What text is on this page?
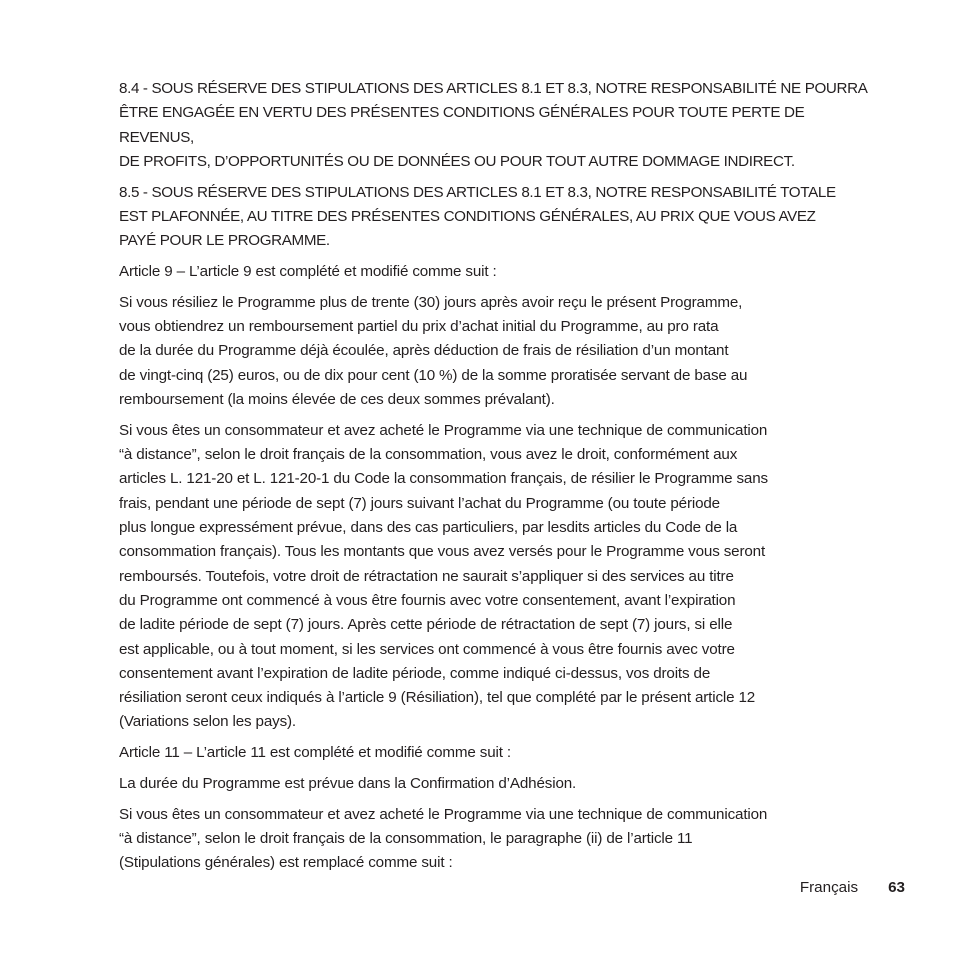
8.4 - SOUS RÉSERVE DES STIPULATIONS DES ARTICLES 8.1 ET 8.3, NOTRE RESPONSABILITÉ NE POURRA
ÊTRE ENGAGÉE EN VERTU DES PRÉSENTES CONDITIONS GÉNÉRALES POUR TOUTE PERTE DE REVENUS,
DE PROFITS, D’OPPORTUNITÉS OU DE DONNÉES OU POUR TOUT AUTRE DOMMAGE INDIRECT.

8.5 - SOUS RÉSERVE DES STIPULATIONS DES ARTICLES 8.1 ET 8.3, NOTRE RESPONSABILITÉ TOTALE
EST PLAFONNÉE, AU TITRE DES PRÉSENTES CONDITIONS GÉNÉRALES, AU PRIX QUE VOUS AVEZ
PAYÉ POUR LE PROGRAMME.

Article 9 – L’article 9 est complété et modifié comme suit :

Si vous résiliez le Programme plus de trente (30) jours après avoir reçu le présent Programme,
vous obtiendrez un remboursement partiel du prix d’achat initial du Programme, au pro rata
de la durée du Programme déjà écoulée, après déduction de frais de résiliation d’un montant
de vingt-cinq (25) euros, ou de dix pour cent (10 %) de la somme proratisée servant de base au
remboursement (la moins élevée de ces deux sommes prévalant).

Si vous êtes un consommateur et avez acheté le Programme via une technique de communication
“à distance”, selon le droit français de la consommation, vous avez le droit, conformément aux
articles L. 121-20 et L. 121-20-1 du Code la consommation français, de résilier le Programme sans
frais, pendant une période de sept (7) jours suivant l’achat du Programme (ou toute période
plus longue expressément prévue, dans des cas particuliers, par lesdits articles du Code de la
consommation français). Tous les montants que vous avez versés pour le Programme vous seront
remboursés. Toutefois, votre droit de rétractation ne saurait s’appliquer si des services au titre
du Programme ont commencé à vous être fournis avec votre consentement, avant l’expiration
de ladite période de sept (7) jours. Après cette période de rétractation de sept (7) jours, si elle
est applicable, ou à tout moment, si les services ont commencé à vous être fournis avec votre
consentement avant l’expiration de ladite période, comme indiqué ci-dessus, vos droits de
résiliation seront ceux indiqués à l’article 9 (Résiliation), tel que complété par le présent article 12
(Variations selon les pays).

Article 11 – L’article 11 est complété et modifié comme suit :

La durée du Programme est prévue dans la Confirmation d’Adhésion.

Si vous êtes un consommateur et avez acheté le Programme via une technique de communication
“à distance”, selon le droit français de la consommation, le paragraphe (ii) de l’article 11
(Stipulations générales) est remplacé comme suit :

Français 63
